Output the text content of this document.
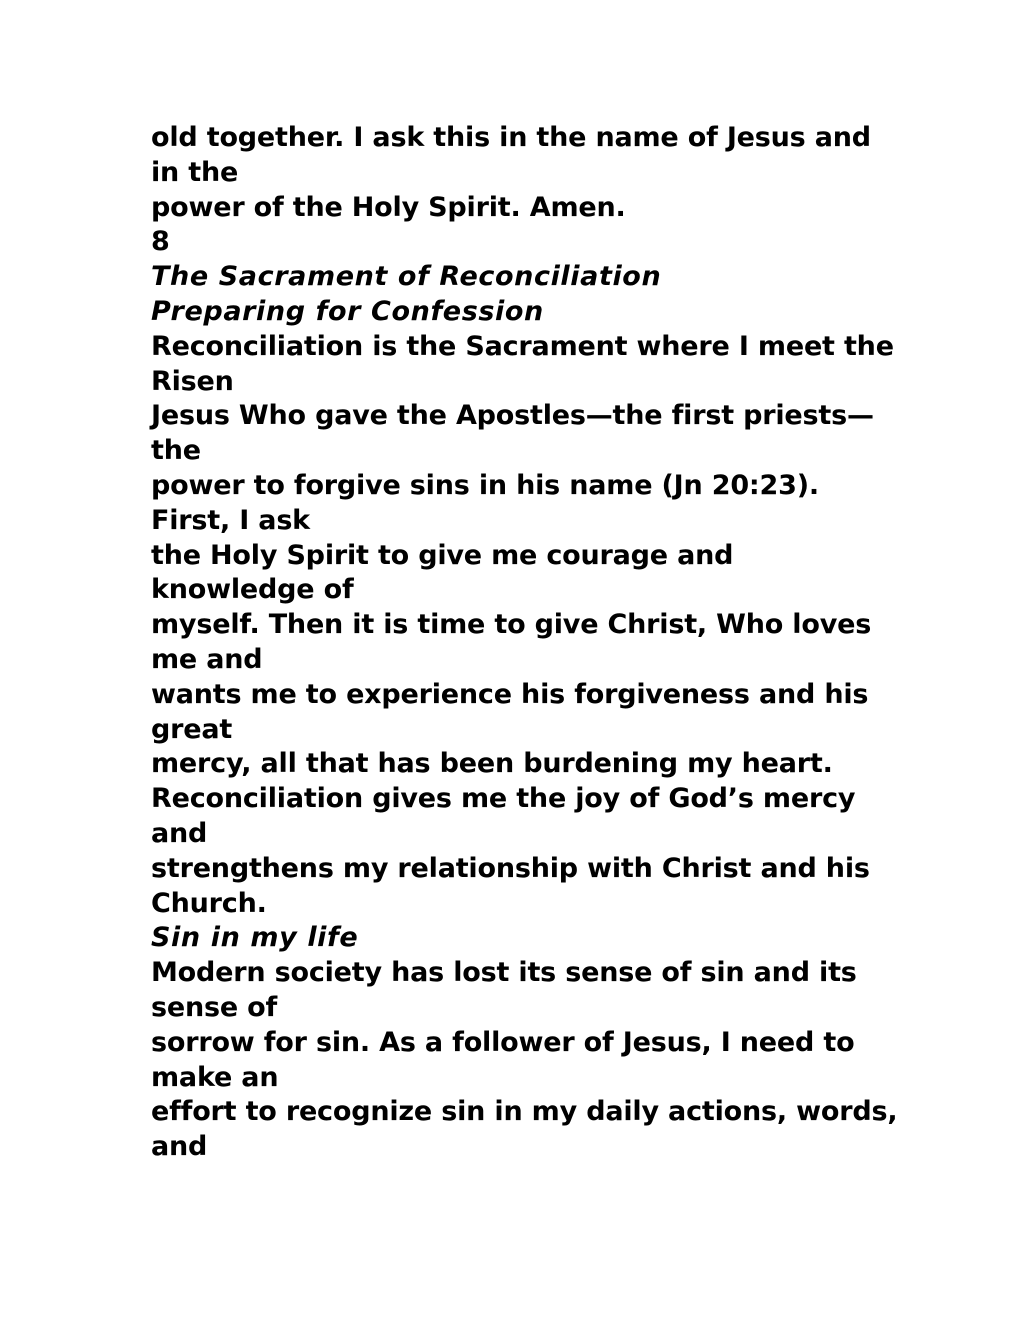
old together. I ask this in the name of Jesus and
in the
power of the Holy Spirit. Amen.
8
The Sacrament of Reconciliation
Preparing for Confession
Reconciliation is the Sacrament where I meet the
Risen
Jesus Who gave the Apostles—the first priests—
the
power to forgive sins in his name (Jn 20:23).
First, I ask
the Holy Spirit to give me courage and
knowledge of
myself. Then it is time to give Christ, Who loves
me and
wants me to experience his forgiveness and his
great
mercy, all that has been burdening my heart.
Reconciliation gives me the joy of God’s mercy
and
strengthens my relationship with Christ and his
Church.
Sin in my life
Modern society has lost its sense of sin and its
sense of
sorrow for sin. As a follower of Jesus, I need to
make an
effort to recognize sin in my daily actions, words,
and
